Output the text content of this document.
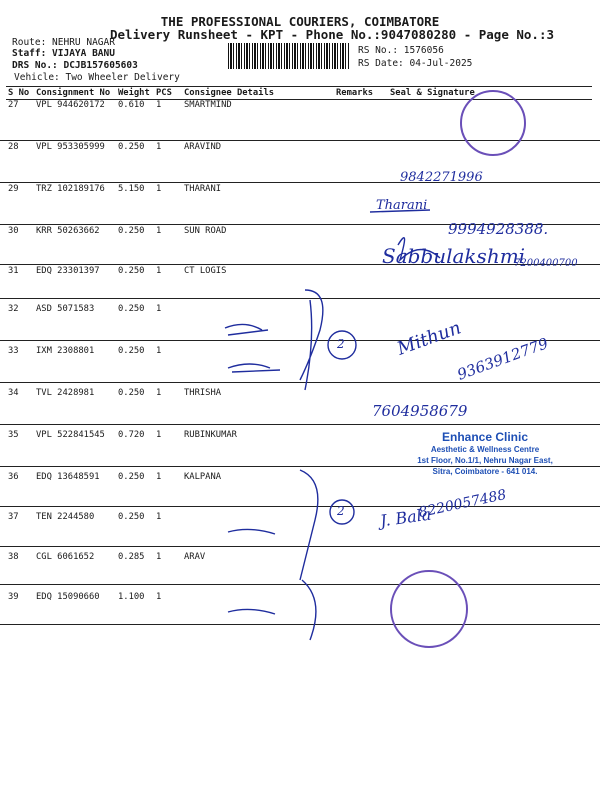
THE PROFESSIONAL COURIERS, COIMBATORE
Delivery Runsheet - KPT - Phone No.:9047080280 - Page No.:3
Route: NEHRU NAGAR
Staff: VIJAYA BANU
DRS No.: DCJB157605603
Vehicle: Two Wheeler Delivery
RS No.: 1576056
RS Date: 04-Jul-2025
S No	Consignment No	Weight	PCS	Consignee Details	Remarks	Seal & Signature
27	VPL 944620172	0.610	1	SMARTMIND		
28	VPL 953305999	0.250	1	ARAVIND		
29	TRZ 102189176	5.150	1	THARANI		
30	KRR 50263662	0.250	1	SUN ROAD		
31	EDQ 23301397	0.250	1	CT LOGIS		
32	ASD 5071583	0.250	1			
33	IXM 2308801	0.250	1			
34	TVL 2428981	0.250	1	THRISHA		
35	VPL 522841545	0.720	1	RUBINKUMAR		
36	EDQ 13648591	0.250	1	KALPANA		
37	TEN 2244580	0.250	1			
38	CGL 6061652	0.285	1	ARAV		
39	EDQ 15090660	1.100	1			
2
2
9842271996
Tharani
9994928388.
Sabbulakshmi
7200400700
Mithun
9363912779
7604958679
J. Bala
8220057488
Enhance Clinic
Aesthetic & Wellness Centre
1st Floor, No.1/1, Nehru Nagar East,
Sitra, Coimbatore - 641 014.
